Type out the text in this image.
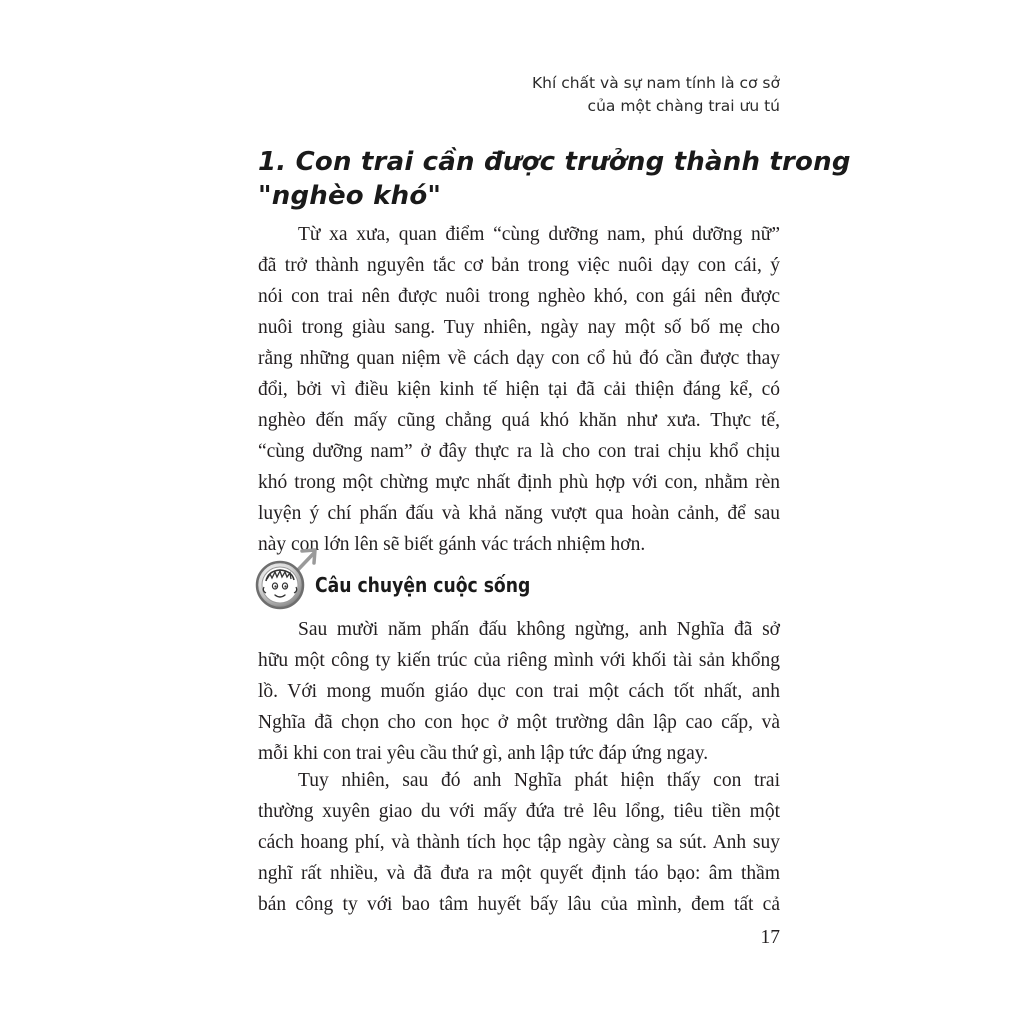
Khí chất và sự nam tính là cơ sở
của một chàng trai ưu tú
1. Con trai cần được trưởng thành trong
"nghèo khó"
Từ xa xưa, quan điểm “cùng dưỡng nam, phú dưỡng nữ”
đã trở thành nguyên tắc cơ bản trong việc nuôi dạy con cái, ý
nói con trai nên được nuôi trong nghèo khó, con gái nên được
nuôi trong giàu sang. Tuy nhiên, ngày nay một số bố mẹ cho
rằng những quan niệm về cách dạy con cổ hủ đó cần được thay
đổi, bởi vì điều kiện kinh tế hiện tại đã cải thiện đáng kể, có
nghèo đến mấy cũng chẳng quá khó khăn như xưa. Thực tế,
“cùng dưỡng nam” ở đây thực ra là cho con trai chịu khổ chịu
khó trong một chừng mực nhất định phù hợp với con, nhằm rèn
luyện ý chí phấn đấu và khả năng vượt qua hoàn cảnh, để sau
này con lớn lên sẽ biết gánh vác trách nhiệm hơn.
Câu chuyện cuộc sống
Sau mười năm phấn đấu không ngừng, anh Nghĩa đã sở
hữu một công ty kiến trúc của riêng mình với khối tài sản khổng
lồ. Với mong muốn giáo dục con trai một cách tốt nhất, anh
Nghĩa đã chọn cho con học ở một trường dân lập cao cấp, và
mỗi khi con trai yêu cầu thứ gì, anh lập tức đáp ứng ngay.
Tuy nhiên, sau đó anh Nghĩa phát hiện thấy con trai
thường xuyên giao du với mấy đứa trẻ lêu lổng, tiêu tiền một
cách hoang phí, và thành tích học tập ngày càng sa sút. Anh suy
nghĩ rất nhiều, và đã đưa ra một quyết định táo bạo: âm thầm
bán công ty với bao tâm huyết bấy lâu của mình, đem tất cả
17
